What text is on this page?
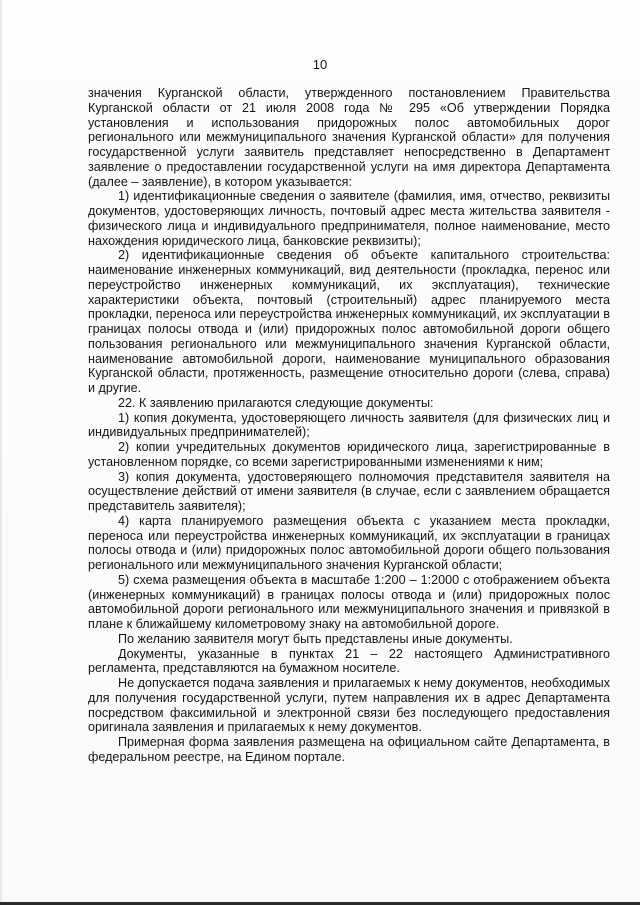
10

значения Курганской области, утвержденного постановлением Правительства Курганской области от 21 июля 2008 года № 295 «Об утверждении Порядка установления и использования придорожных полос автомобильных дорог регионального или межмуниципального значения Курганской области» для получения государственной услуги заявитель представляет непосредственно в Департамент заявление о предоставлении государственной услуги на имя директора Департамента (далее – заявление), в котором указывается:

1) идентификационные сведения о заявителе (фамилия, имя, отчество, реквизиты документов, удостоверяющих личность, почтовый адрес места жительства заявителя - физического лица и индивидуального предпринимателя, полное наименование, место нахождения юридического лица, банковские реквизиты);

2) идентификационные сведения об объекте капитального строительства: наименование инженерных коммуникаций, вид деятельности (прокладка, перенос или переустройство инженерных коммуникаций, их эксплуатация), технические характеристики объекта, почтовый (строительный) адрес планируемого места прокладки, переноса или переустройства инженерных коммуникаций, их эксплуатации в границах полосы отвода и (или) придорожных полос автомобильной дороги общего пользования регионального или межмуниципального значения Курганской области, наименование автомобильной дороги, наименование муниципального образования Курганской области, протяженность, размещение относительно дороги (слева, справа) и другие.

22. К заявлению прилагаются следующие документы:

1) копия документа, удостоверяющего личность заявителя (для физических лиц и индивидуальных предпринимателей);

2) копии учредительных документов юридического лица, зарегистрированные в установленном порядке, со всеми зарегистрированными изменениями к ним;

3) копия документа, удостоверяющего полномочия представителя заявителя на осуществление действий от имени заявителя (в случае, если с заявлением обращается представитель заявителя);

4) карта планируемого размещения объекта с указанием места прокладки, переноса или переустройства инженерных коммуникаций, их эксплуатации в границах полосы отвода и (или) придорожных полос автомобильной дороги общего пользования регионального или межмуниципального значения Курганской области;

5) схема размещения объекта в масштабе 1:200 – 1:2000 с отображением объекта (инженерных коммуникаций) в границах полосы отвода и (или) придорожных полос автомобильной дороги регионального или межмуниципального значения и привязкой в плане к ближайшему километровому знаку на автомобильной дороге.

По желанию заявителя могут быть представлены иные документы.

Документы, указанные в пунктах 21 – 22 настоящего Административного регламента, представляются на бумажном носителе.

Не допускается подача заявления и прилагаемых к нему документов, необходимых для получения государственной услуги, путем направления их в адрес Департамента посредством факсимильной и электронной связи без последующего предоставления оригинала заявления и прилагаемых к нему документов.

Примерная форма заявления размещена на официальном сайте Департамента, в федеральном реестре, на Едином портале.
